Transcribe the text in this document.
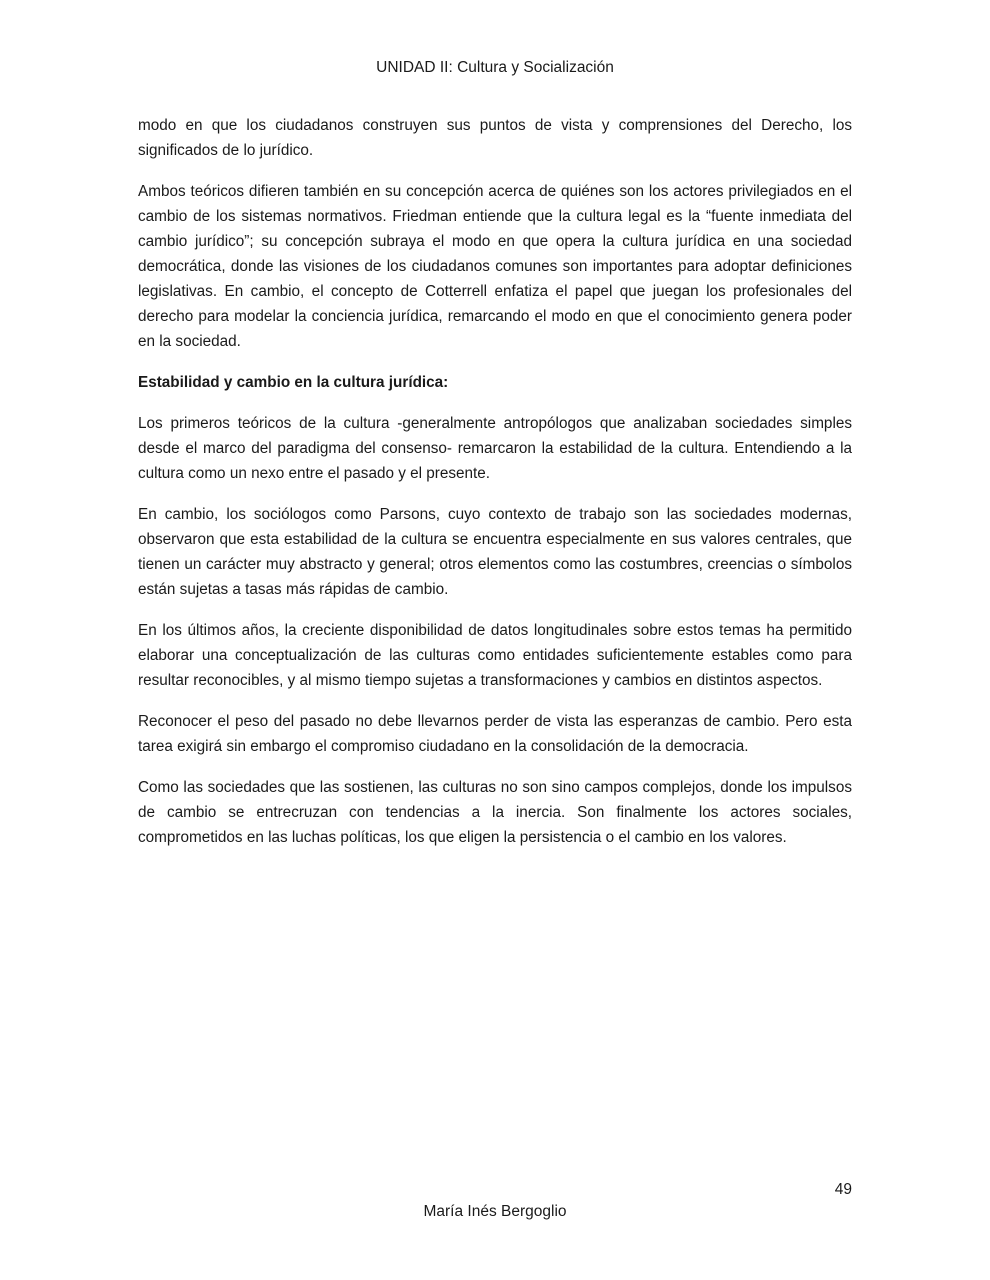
UNIDAD II: Cultura y Socialización

modo en que los ciudadanos construyen sus puntos de vista y comprensiones del Derecho, los significados de lo jurídico.

Ambos teóricos difieren también en su concepción acerca de quiénes son los actores privilegiados en el cambio de los sistemas normativos. Friedman entiende que la cultura legal es la “fuente inmediata del cambio jurídico”; su concepción subraya el modo en que opera la cultura jurídica en una sociedad democrática, donde las visiones de los ciudadanos comunes son importantes para adoptar definiciones legislativas. En cambio, el concepto de Cotterrell enfatiza el papel que juegan los profesionales del derecho para modelar la conciencia jurídica, remarcando el modo en que el conocimiento genera poder en la sociedad.

Estabilidad y cambio en la cultura jurídica:

Los primeros teóricos de la cultura -generalmente antropólogos que analizaban sociedades simples desde el marco del paradigma del consenso- remarcaron la estabilidad de la cultura. Entendiendo a la cultura como un nexo entre el pasado y el presente.

En cambio, los sociólogos como Parsons, cuyo contexto de trabajo son las sociedades modernas, observaron que esta estabilidad de la cultura se encuentra especialmente en sus valores centrales, que tienen un carácter muy abstracto y general; otros elementos como las costumbres, creencias o símbolos están sujetas a tasas más rápidas de cambio.

En los últimos años, la creciente disponibilidad de datos longitudinales sobre estos temas ha permitido elaborar una conceptualización de las culturas como entidades suficientemente estables como para resultar reconocibles, y al mismo tiempo sujetas a transformaciones y cambios en distintos aspectos.

Reconocer el peso del pasado no debe llevarnos perder de vista las esperanzas de cambio. Pero esta tarea exigirá sin embargo el compromiso ciudadano en la consolidación de la democracia.

Como las sociedades que las sostienen, las culturas no son sino campos complejos, donde los impulsos de cambio se entrecruzan con tendencias a la inercia. Son finalmente los actores sociales, comprometidos en las luchas políticas, los que eligen la persistencia o el cambio en los valores.

49
María Inés Bergoglio
